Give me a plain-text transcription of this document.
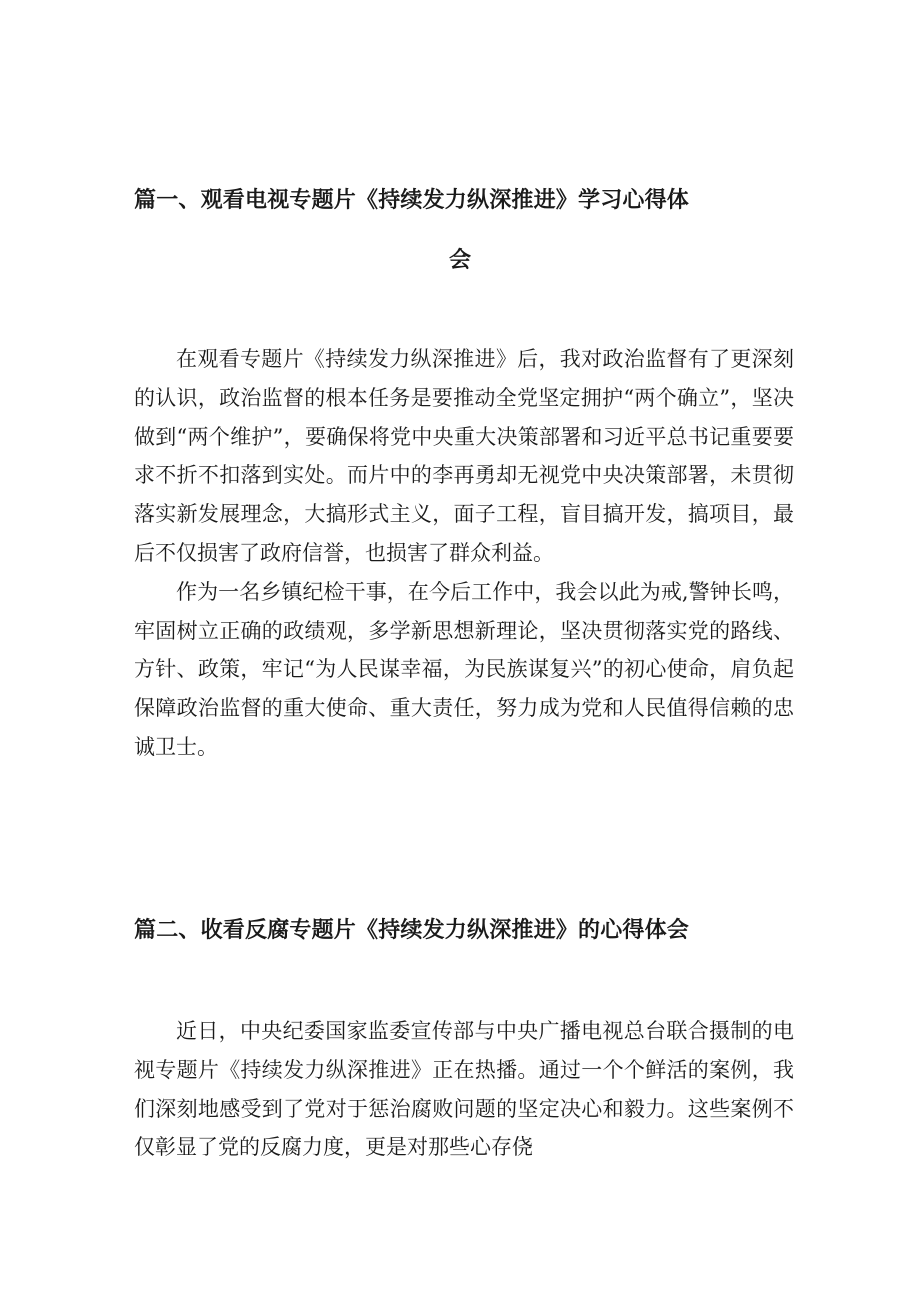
篇一、观看电视专题片《持续发力纵深推进》学习心得体
会

在观看专题片《持续发力纵深推进》后，我对政治监督有了更深刻的认识，政治监督的根本任务是要推动全党坚定拥护“两个确立”，坚决做到“两个维护”，要确保将党中央重大决策部署和习近平总书记重要要求不折不扣落到实处。而片中的李再勇却无视党中央决策部署，未贯彻落实新发展理念，大搞形式主义，面子工程，盲目搞开发，搞项目，最后不仅损害了政府信誉，也损害了群众利益。

作为一名乡镇纪检干事，在今后工作中，我会以此为戒,警钟长鸣，牢固树立正确的政绩观，多学新思想新理论，坚决贯彻落实党的路线、方针、政策，牢记“为人民谋幸福，为民族谋复兴”的初心使命，肩负起保障政治监督的重大使命、重大责任，努力成为党和人民值得信赖的忠诚卫士。

篇二、收看反腐专题片《持续发力纵深推进》的心得体会

近日，中央纪委国家监委宣传部与中央广播电视总台联合摄制的电视专题片《持续发力纵深推进》正在热播。通过一个个鲜活的案例，我们深刻地感受到了党对于惩治腐败问题的坚定决心和毅力。这些案例不仅彰显了党的反腐力度，更是对那些心存侥
